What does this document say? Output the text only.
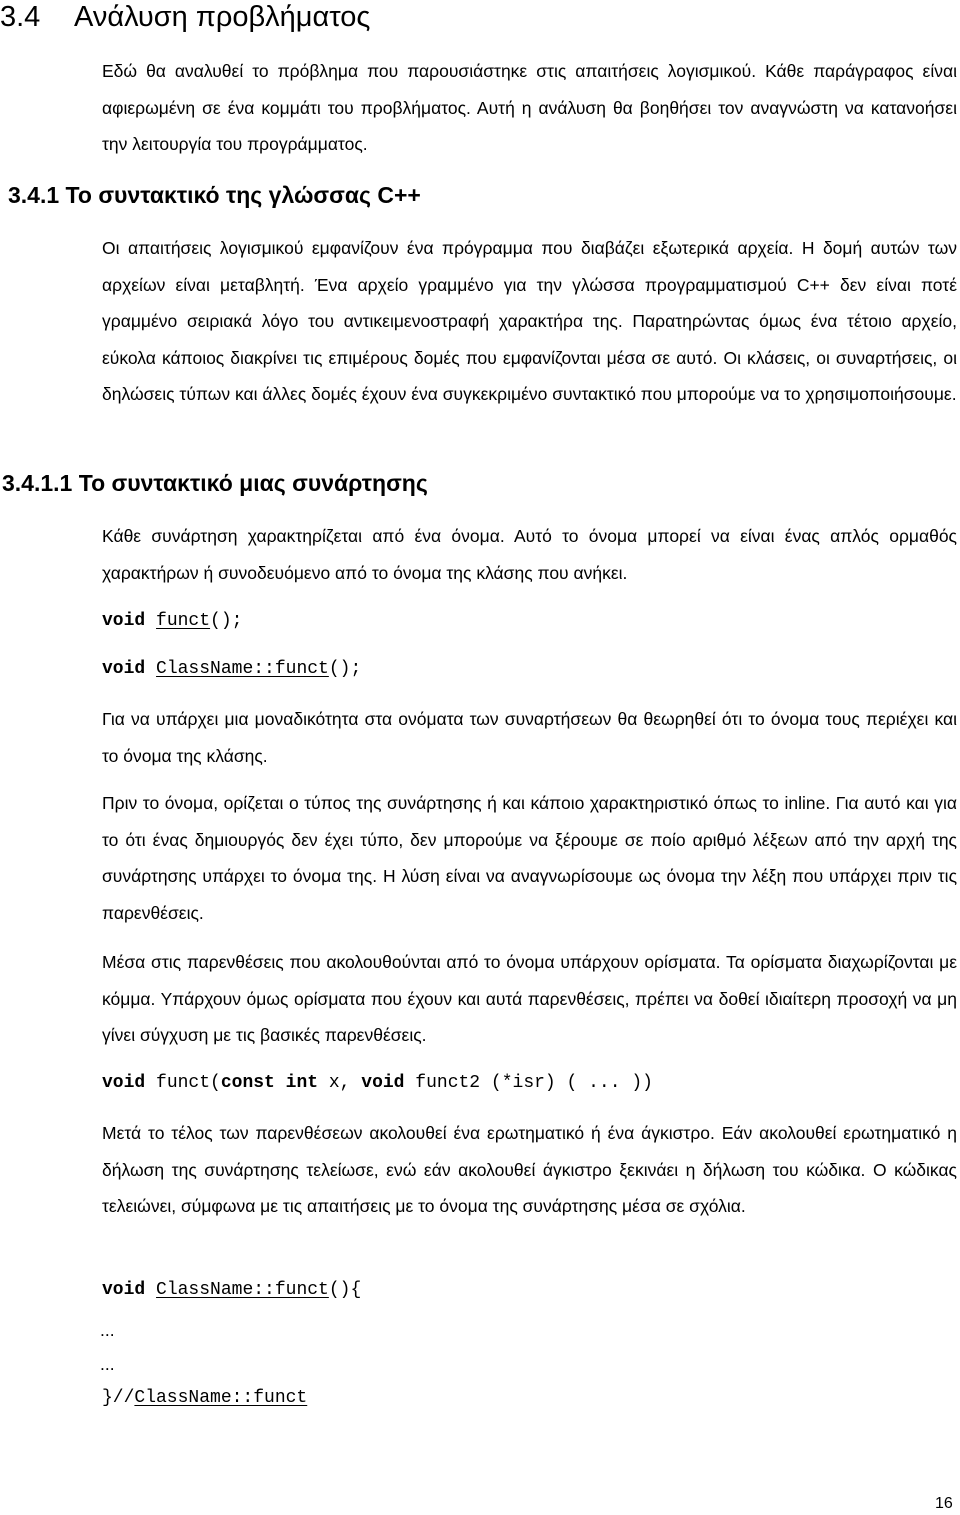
3.4 Ανάλυση προβλήματος

Εδώ θα αναλυθεί το πρόβλημα που παρουσιάστηκε στις απαιτήσεις λογισμικού. Κάθε παράγραφος είναι αφιερωμένη σε ένα κομμάτι του προβλήματος. Αυτή η ανάλυση θα βοηθήσει τον αναγνώστη να κατανοήσει την λειτουργία του προγράμματος.

3.4.1 Το συντακτικό της γλώσσας C++

Οι απαιτήσεις λογισμικού εμφανίζουν ένα πρόγραμμα που διαβάζει εξωτερικά αρχεία. Η δομή αυτών των αρχείων είναι μεταβλητή. Ένα αρχείο γραμμένο για την γλώσσα προγραμματισμού C++ δεν είναι ποτέ γραμμένο σειριακά λόγο του αντικειμενοστραφή χαρακτήρα της. Παρατηρώντας όμως ένα τέτοιο αρχείο, εύκολα κάποιος διακρίνει τις επιμέρους δομές που εμφανίζονται μέσα σε αυτό. Οι κλάσεις, οι συναρτήσεις, οι δηλώσεις τύπων και άλλες δομές έχουν ένα συγκεκριμένο συντακτικό που μπορούμε να το χρησιμοποιήσουμε.

3.4.1.1 Το συντακτικό μιας συνάρτησης

Κάθε συνάρτηση χαρακτηρίζεται από ένα όνομα. Αυτό το όνομα μπορεί να είναι ένας απλός ορμαθός χαρακτήρων ή συνοδευόμενο από το όνομα της κλάσης που ανήκει.

void funct();
void ClassName::funct();

Για να υπάρχει μια μοναδικότητα στα ονόματα των συναρτήσεων θα θεωρηθεί ότι το όνομα τους περιέχει και το όνομα της κλάσης.

Πριν το όνομα, ορίζεται ο τύπος της συνάρτησης ή και κάποιο χαρακτηριστικό όπως το inline. Για αυτό και για το ότι ένας δημιουργός δεν έχει τύπο, δεν μπορούμε να ξέρουμε σε ποίο αριθμό λέξεων από την αρχή της συνάρτησης υπάρχει το όνομα της. Η λύση είναι να αναγνωρίσουμε ως όνομα την λέξη που υπάρχει πριν τις παρενθέσεις.

Μέσα στις παρενθέσεις που ακολουθούνται από το όνομα υπάρχουν ορίσματα. Τα ορίσματα διαχωρίζονται με κόμμα. Υπάρχουν όμως ορίσματα που έχουν και αυτά παρενθέσεις, πρέπει να δοθεί ιδιαίτερη προσοχή να μη γίνει σύγχυση με τις βασικές παρενθέσεις.

void funct(const int x, void funct2 (*isr) ( ... ))

Μετά το τέλος των παρενθέσεων ακολουθεί ένα ερωτηματικό ή ένα άγκιστρο. Εάν ακολουθεί ερωτηματικό η δήλωση της συνάρτησης τελείωσε, ενώ εάν ακολουθεί άγκιστρο ξεκινάει η δήλωση του κώδικα. Ο κώδικας τελειώνει, σύμφωνα με τις απαιτήσεις με το όνομα της συνάρτησης μέσα σε σχόλια.

void ClassName::funct(){
...
...
}//ClassName::funct
16
